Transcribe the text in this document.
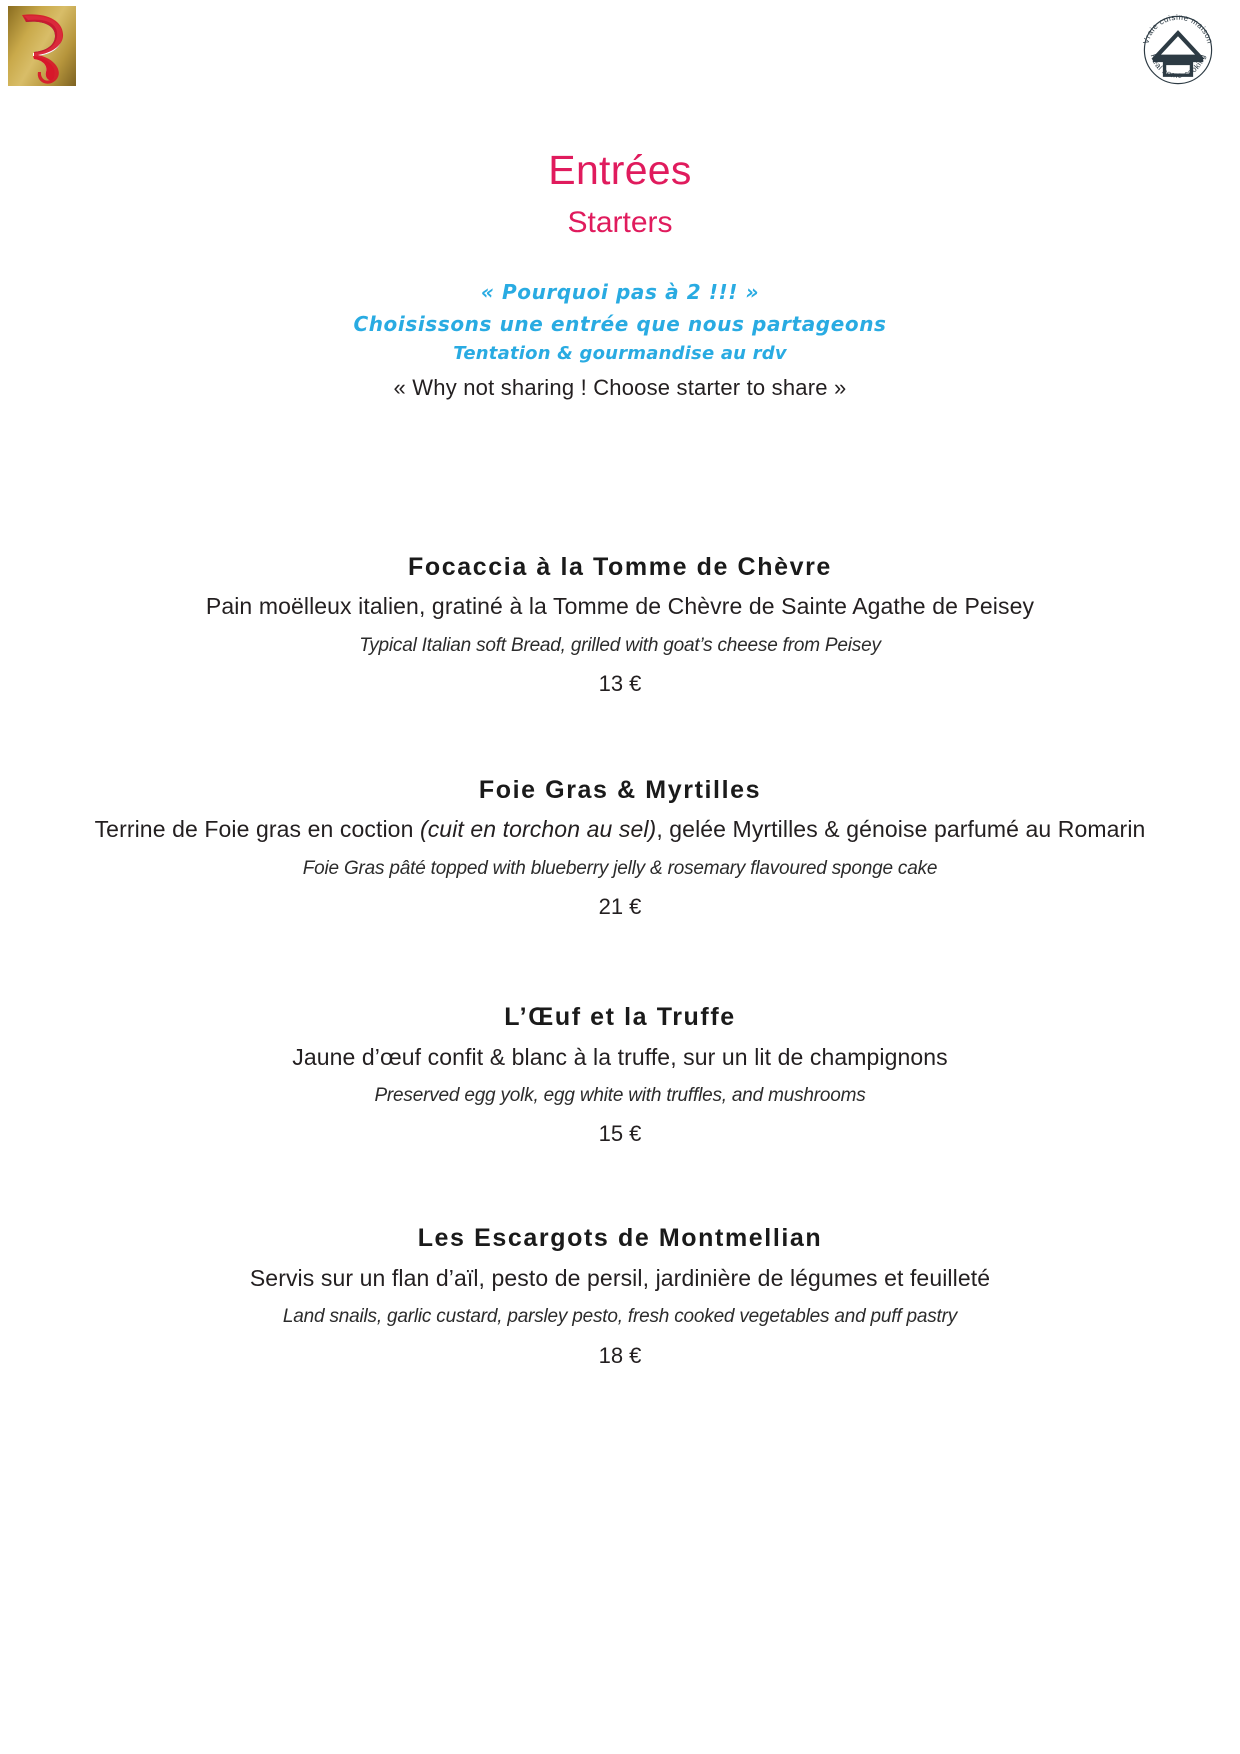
Vraie cuisine maison
Real home cooking
Entrées
Starters
« Pourquoi pas à 2 !!! »
Choisissons une entrée que nous partageons
Tentation & gourmandise au rdv
« Why not sharing ! Choose starter to share »
Focaccia à la Tomme de Chèvre
Pain moëlleux italien, gratiné à la Tomme de Chèvre de Sainte Agathe de Peisey
Typical Italian soft Bread, grilled with goat’s cheese from Peisey
13 €
Foie Gras & Myrtilles
Terrine de Foie gras en coction (cuit en torchon au sel), gelée Myrtilles & génoise parfumé au Romarin
Foie Gras pâté topped with blueberry jelly & rosemary flavoured sponge cake
21 €
L’Œuf et la Truffe
Jaune d’œuf confit & blanc à la truffe, sur un lit de champignons
Preserved egg yolk, egg white with truffles, and mushrooms
15 €
Les Escargots de Montmellian
Servis sur un flan d’aïl, pesto de persil, jardinière de légumes et feuilleté
Land snails, garlic custard, parsley pesto, fresh cooked vegetables and puff pastry
18 €
